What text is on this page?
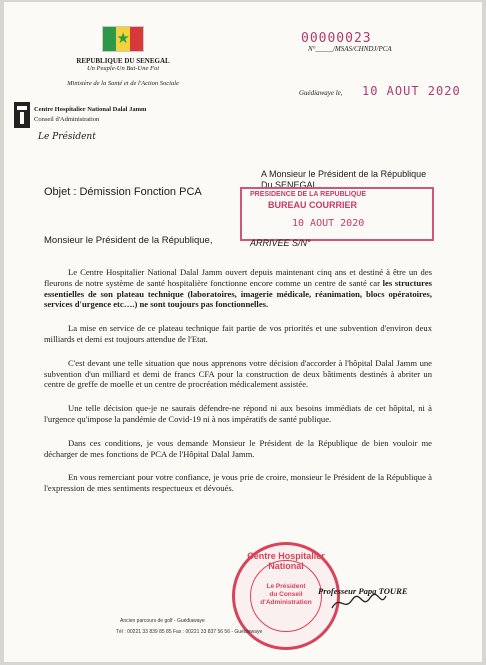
★
REPUBLIQUE DU SENEGAL
Un Peuple-Un But-Une Foi
Ministère de la Santé et de l'Action Sociale
Centre Hospitalier National Dalal Jamm
Conseil d'Administration
Le Président
00000023
N°_____/MSAS/CHNDJ/PCA
Guédiawaye le, 10 AOUT 2020
A Monsieur le Président de la République
Du SENEGAL
Objet : Démission Fonction PCA	PRESIDENCE DE LA REPUBLIQUE
BUREAU COURRIER
10 AOUT 2020
Monsieur le Président de la République,	ARRIVEE S/N°

Le Centre Hospitalier National Dalal Jamm ouvert depuis maintenant cinq ans et destiné à être un des fleurons de notre système de santé hospitalière fonctionne encore comme un centre de santé car les structures essentielles de son plateau technique (laboratoires, imagerie médicale, réanimation, blocs opératoires, services d'urgence etc….) ne sont toujours pas fonctionnelles.

La mise en service de ce plateau technique fait partie de vos priorités et une subvention d'environ deux milliards et demi est toujours attendue de l'Etat.

C'est devant une telle situation que nous apprenons votre décision d'accorder à l'hôpital Dalal Jamm une subvention d'un milliard et demi de francs CFA pour la construction de deux bâtiments destinés à abriter un centre de greffe de moelle et un centre de procréation médicalement assistée.

Une telle décision que-je ne saurais défendre-ne répond ni aux besoins immédiats de cet hôpital, ni à l'urgence qu'impose la pandémie de Covid-19 ni à nos impératifs de santé publique.

Dans ces conditions, je vous demande Monsieur le Président de la République de bien vouloir me décharger de mes fonctions de PCA de l'Hôpital Dalal Jamm.

En vous remerciant pour votre confiance, je vous prie de croire, monsieur le Président de la République à l'expression de mes sentiments respectueux et dévoués.

Centre Hospitalier National
Le Président
du Conseil
d'Administration
Professeur Papa TOURE
Ancien parcours de golf - Guédiawaye
Tél : 00221 33 839 85 85 Fax : 00221 33 837 56 56 - Guédiawaye
